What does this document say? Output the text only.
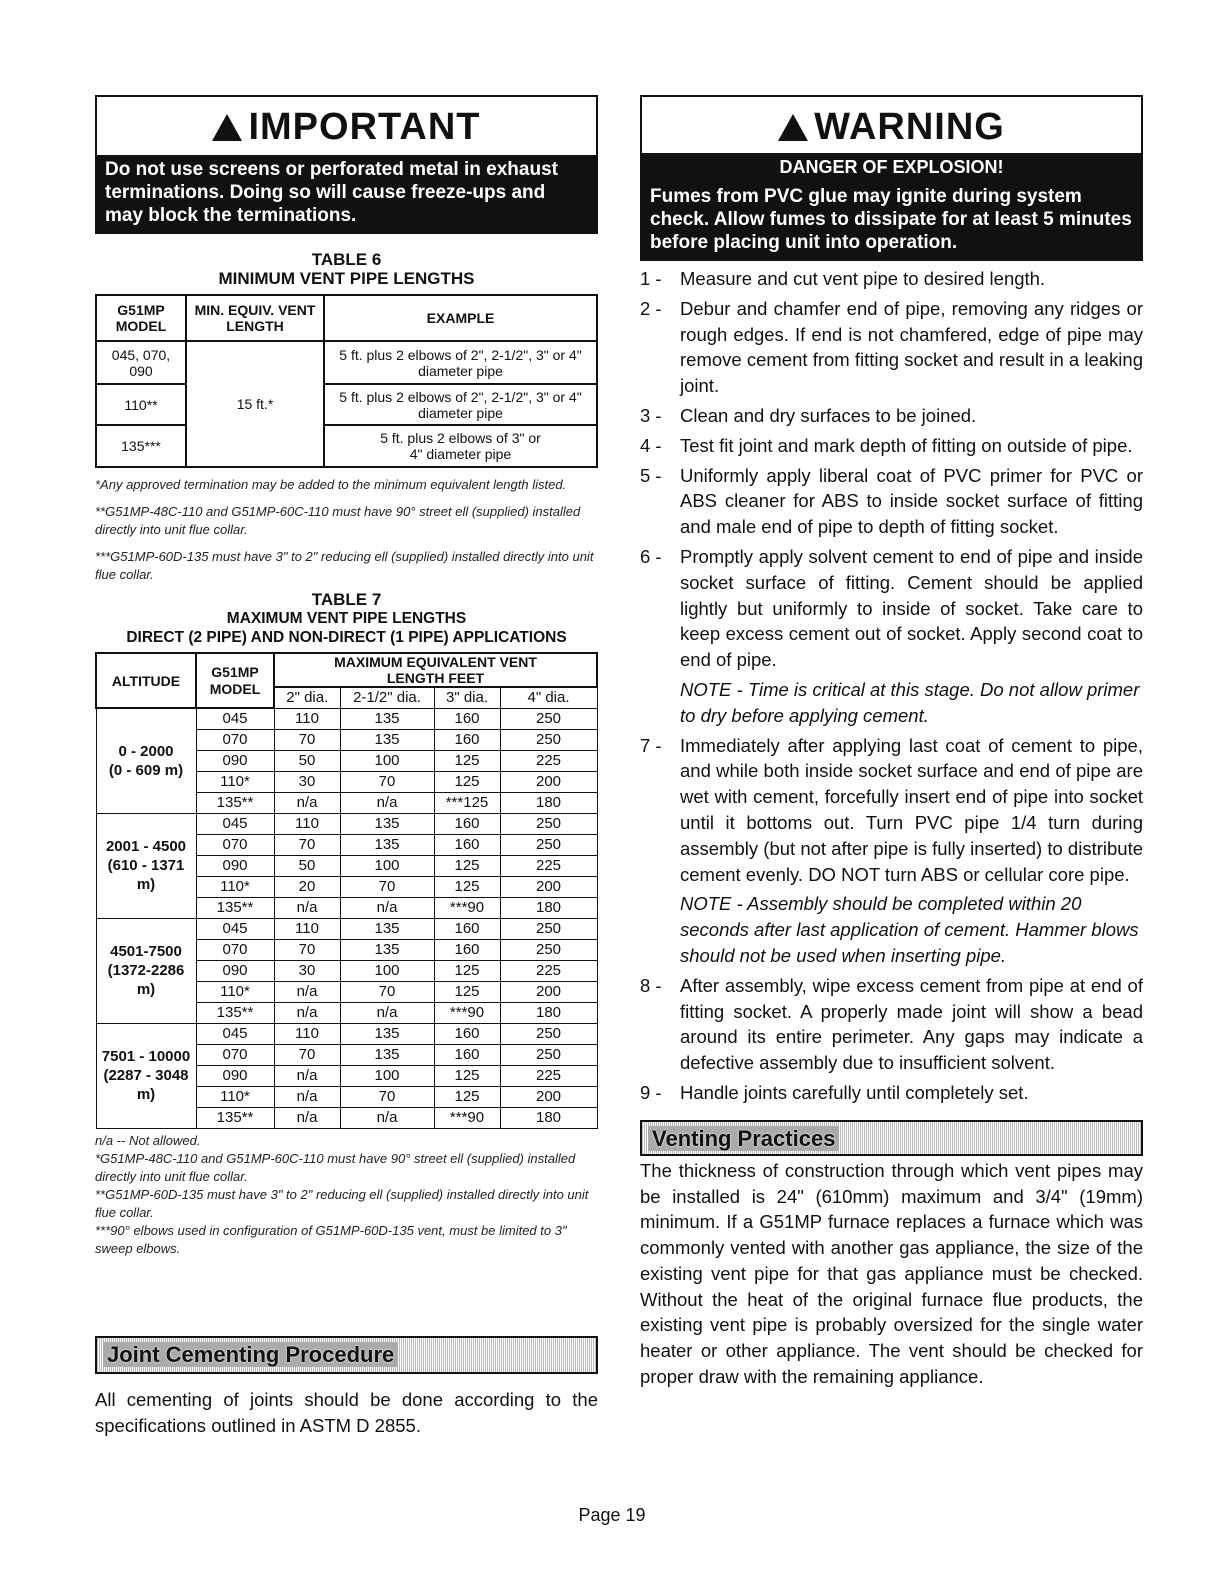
IMPORTANT
Do not use screens or perforated metal in exhaust terminations. Doing so will cause freeze-ups and may block the terminations.
TABLE 6
MINIMUM VENT PIPE LENGTHS
G51MP MODEL	MIN. EQUIV. VENT LENGTH	EXAMPLE
045, 070, 090	15 ft.*	5 ft. plus 2 elbows of 2", 2-1/2", 3" or 4" diameter pipe
110**		5 ft. plus 2 elbows of 2", 2-1/2", 3" or 4" diameter pipe
135***		5 ft. plus 2 elbows of 3" or 4" diameter pipe

*Any approved termination may be added to the minimum equivalent length listed.

**G51MP-48C-110 and G51MP-60C-110 must have 90° street ell (supplied) installed directly into unit flue collar.

***G51MP-60D-135 must have 3" to 2" reducing ell (supplied) installed directly into unit flue collar.

TABLE 7
MAXIMUM VENT PIPE LENGTHS
DIRECT (2 PIPE) AND NON-DIRECT (1 PIPE) APPLICATIONS
ALTITUDE	G51MP MODEL	MAXIMUM EQUIVALENT VENT LENGTH FEET			
		2" dia.	2-1/2" dia.	3" dia.	4" dia.

0 - 2000
(0 - 609 m)	045	110	135	160	250
	070	70	135	160	250
	090	50	100	125	225
	110*	30	70	125	200
	135**	n/a	n/a	***125	180

2001 - 4500
(610 - 1371 m)	045	110	135	160	250
	070	70	135	160	250
	090	50	100	125	225
	110*	20	70	125	200
	135**	n/a	n/a	***90	180

4501-7500
(1372-2286 m)	045	110	135	160	250
	070	70	135	160	250
	090	30	100	125	225
	110*	n/a	70	125	200
	135**	n/a	n/a	***90	180

7501 - 10000
(2287 - 3048 m)	045	110	135	160	250
	070	70	135	160	250
	090	n/a	100	125	225
	110*	n/a	70	125	200
	135**	n/a	n/a	***90	180

n/a -- Not allowed.

*G51MP-48C-110 and G51MP-60C-110 must have 90° street ell (supplied) installed directly into unit flue collar.

**G51MP-60D-135 must have 3" to 2" reducing ell (supplied) installed directly into unit flue collar.

***90° elbows used in configuration of G51MP-60D-135 vent, must be limited to 3" sweep elbows.

Joint Cementing Procedure

All cementing of joints should be done according to the specifications outlined in ASTM D 2855.

WARNING
DANGER OF EXPLOSION!
Fumes from PVC glue may ignite during system check. Allow fumes to dissipate for at least 5 minutes before placing unit into operation.
1 - Measure and cut vent pipe to desired length.
2 - Debur and chamfer end of pipe, removing any ridges or rough edges. If end is not chamfered, edge of pipe may remove cement from fitting socket and result in a leaking joint.
3 - Clean and dry surfaces to be joined.
4 - Test fit joint and mark depth of fitting on outside of pipe.
5 - Uniformly apply liberal coat of PVC primer for PVC or ABS cleaner for ABS to inside socket surface of fitting and male end of pipe to depth of fitting socket.
6 - Promptly apply solvent cement to end of pipe and inside socket surface of fitting. Cement should be applied lightly but uniformly to inside of socket. Take care to keep excess cement out of socket. Apply second coat to end of pipe.
NOTE - Time is critical at this stage. Do not allow primer to dry before applying cement.
7 - Immediately after applying last coat of cement to pipe, and while both inside socket surface and end of pipe are wet with cement, forcefully insert end of pipe into socket until it bottoms out. Turn PVC pipe 1/4 turn during assembly (but not after pipe is fully inserted) to distribute cement evenly. DO NOT turn ABS or cellular core pipe.
NOTE - Assembly should be completed within 20 seconds after last application of cement. Hammer blows should not be used when inserting pipe.
8 - After assembly, wipe excess cement from pipe at end of fitting socket. A properly made joint will show a bead around its entire perimeter. Any gaps may indicate a defective assembly due to insufficient solvent.
9 - Handle joints carefully until completely set.
Venting Practices

The thickness of construction through which vent pipes may be installed is 24" (610mm) maximum and 3/4" (19mm) minimum. If a G51MP furnace replaces a furnace which was commonly vented with another gas appliance, the size of the existing vent pipe for that gas appliance must be checked. Without the heat of the original furnace flue products, the existing vent pipe is probably oversized for the single water heater or other appliance. The vent should be checked for proper draw with the remaining appliance.

Page 19
